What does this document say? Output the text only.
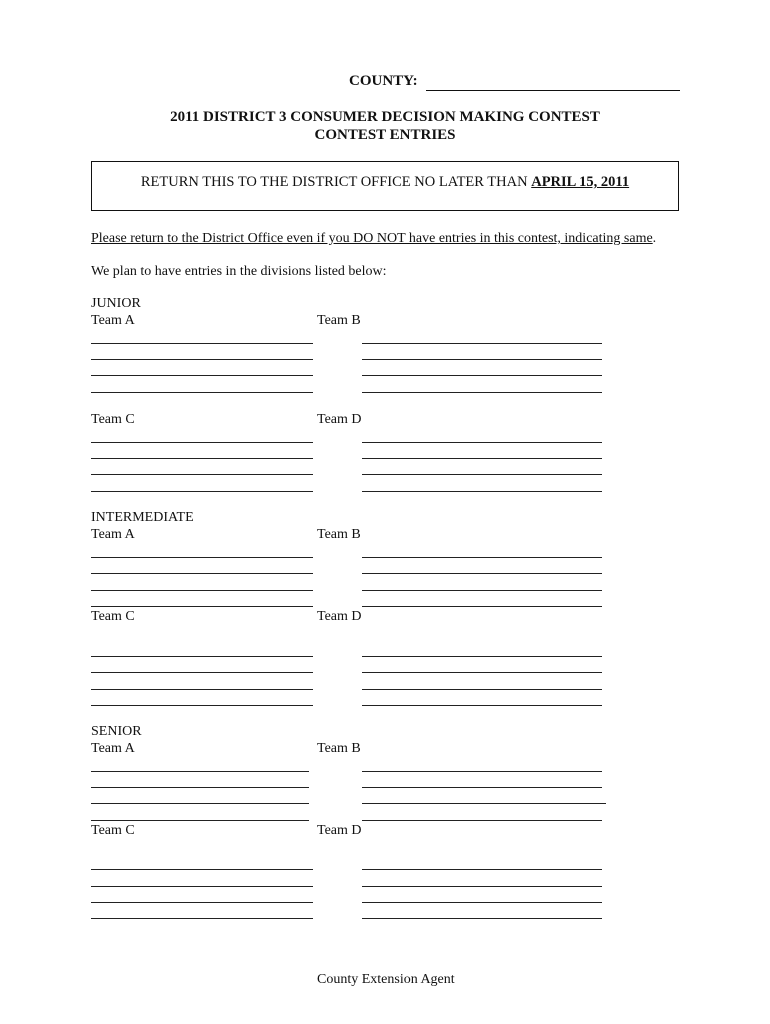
COUNTY:
2011 DISTRICT 3 CONSUMER DECISION MAKING CONTEST
CONTEST ENTRIES
RETURN THIS TO THE DISTRICT OFFICE NO LATER THAN APRIL 15, 2011
Please return to the District Office even if you DO NOT have entries in this contest, indicating same.
We plan to have entries in the divisions listed below:
JUNIOR
Team A	Team B
Team C	Team D
INTERMEDIATE
Team A	Team B
Team C	Team D
SENIOR
Team A	Team B
Team C	Team D
County Extension Agent
